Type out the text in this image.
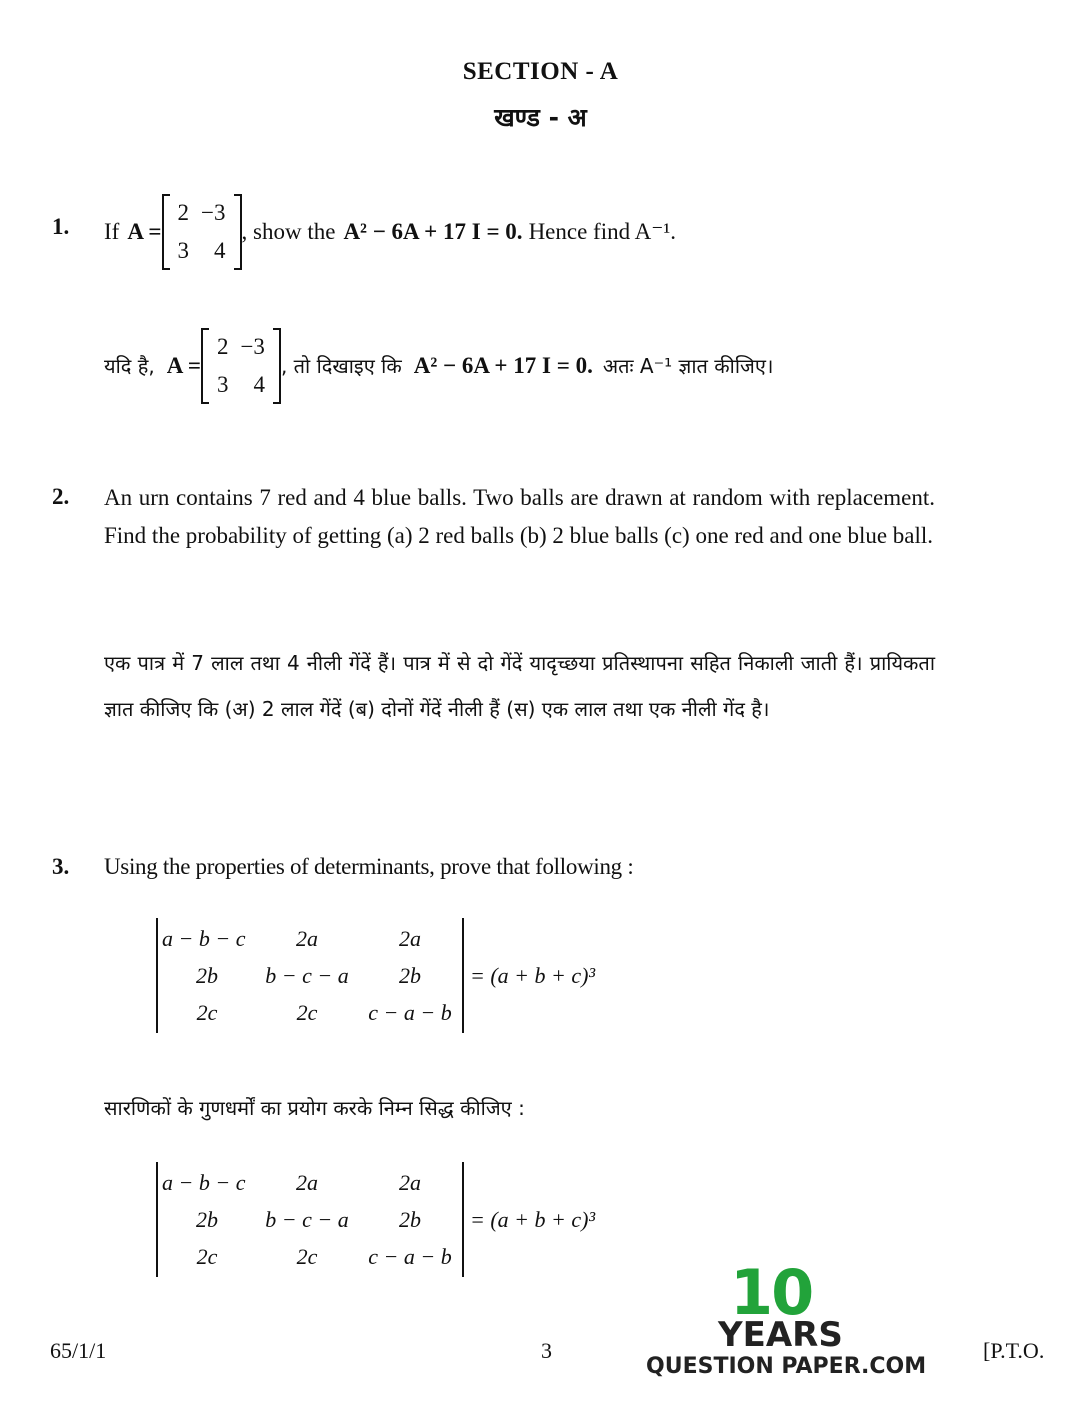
SECTION - A
खण्ड - अ
1. If A =
2	−3
3	4
, show the A² − 6A + 17 I = 0. Hence find A⁻¹.
यदि है, A =
2	−3
3	4
, तो दिखाइए कि A² − 6A + 17 I = 0. अतः A⁻¹ ज्ञात कीजिए।
2. An urn contains 7 red and 4 blue balls. Two balls are drawn at random with replacement. Find the probability of getting (a) 2 red balls (b) 2 blue balls (c) one red and one blue ball.
एक पात्र में 7 लाल तथा 4 नीली गेंदें हैं। पात्र में से दो गेंदें यादृच्छया प्रतिस्थापना सहित निकाली जाती हैं। प्रायिकता ज्ञात कीजिए कि (अ) 2 लाल गेंदें (ब) दोनों गेंदें नीली हैं (स) एक लाल तथा एक नीली गेंद है।
3. Using the properties of determinants, prove that following :
a − b − c	2a	2a
2b	b − c − a	2b
2c	2c	c − a − b
= (a + b + c)³
सारणिकों के गुणधर्मों का प्रयोग करके निम्न सिद्ध कीजिए :
a − b − c	2a	2a
2b	b − c − a	2b
2c	2c	c − a − b
= (a + b + c)³
65/1/1	3	[P.T.O.
10
YEARS
QUESTION PAPER.COM
